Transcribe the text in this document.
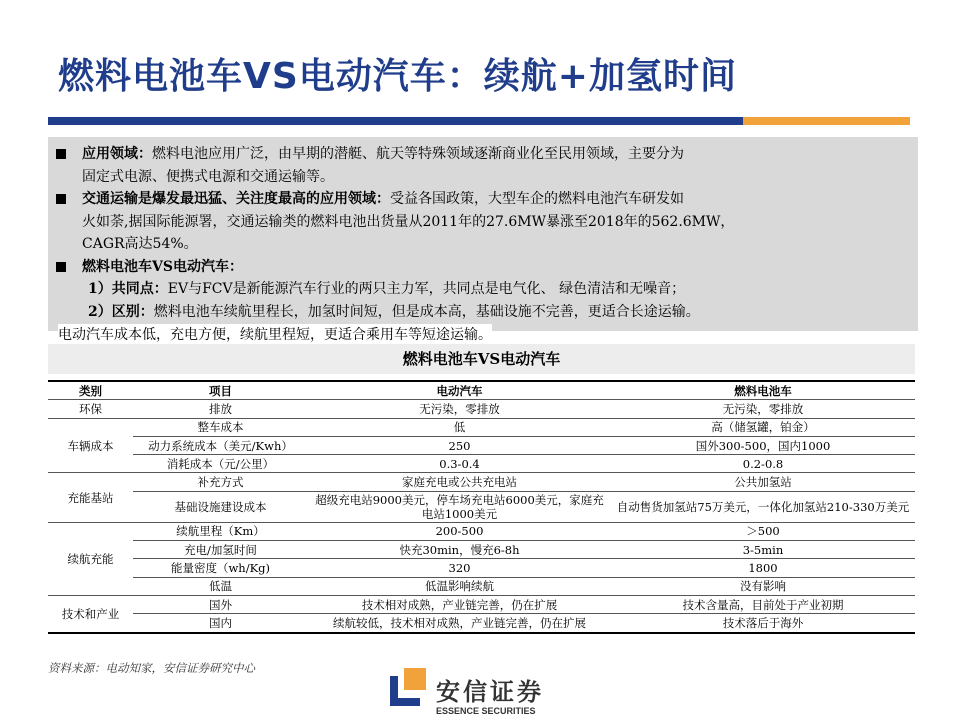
燃料电池车VS电动汽车：续航+加氢时间
应用领域：燃料电池应用广泛，由早期的潜艇、航天等特殊领域逐渐商业化至民用领域，主要分为
固定式电源、便携式电源和交通运输等。
交通运输是爆发最迅猛、关注度最高的应用领域：受益各国政策，大型车企的燃料电池汽车研发如
火如荼,据国际能源署，交通运输类的燃料电池出货量从2011年的27.6MW暴涨至2018年的562.6MW，
CAGR高达54%。
燃料电池车VS电动汽车：
1）共同点：EV与FCV是新能源汽车行业的两只主力军，共同点是电气化、 绿色清洁和无噪音；
2）区别：燃料电池车续航里程长，加氢时间短，但是成本高，基础设施不完善，更适合长途运输。
电动汽车成本低，充电方便，续航里程短，更适合乘用车等短途运输。
燃料电池车VS电动汽车
类别	项目	电动汽车	燃料电池车
环保	排放	无污染，零排放	无污染，零排放
车辆成本	整车成本	低	高（储氢罐，铂金）
	动力系统成本（美元/Kwh）	250	国外300-500，国内1000
	消耗成本（元/公里）	0.3-0.4	0.2-0.8
充能基站	补充方式	家庭充电或公共充电站	公共加氢站
	基础设施建设成本	超级充电站9000美元，停车场充电站6000美元，家庭充电站1000美元	自动售货加氢站75万美元，一体化加氢站210-330万美元
续航充能	续航里程（Km）	200-500	＞500
	充电/加氢时间	快充30min，慢充6-8h	3-5min
	能量密度（wh/Kg)	320	1800
	低温	低温影响续航	没有影响
技术和产业	国外	技术相对成熟，产业链完善，仍在扩展	技术含量高，目前处于产业初期
	国内	续航较低，技术相对成熟，产业链完善，仍在扩展	技术落后于海外
资料来源：电动知家，安信证券研究中心
安信证券
ESSENCE SECURITIES
